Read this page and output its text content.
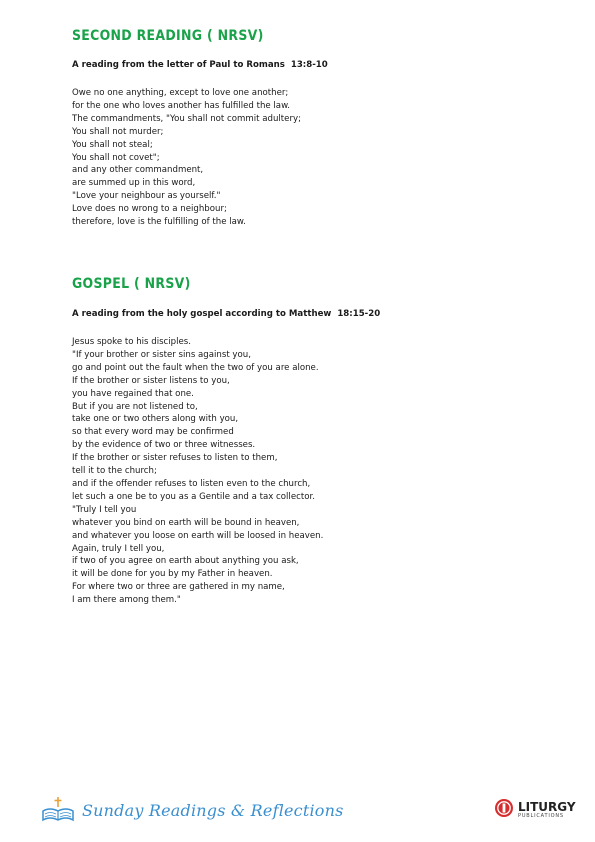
SECOND READING ( NRSV)

A reading from the letter of Paul to Romans  13:8-10

Owe no one anything, except to love one another;
for the one who loves another has fulfilled the law.
The commandments, "You shall not commit adultery;
You shall not murder;
You shall not steal;
You shall not covet";
and any other commandment,
are summed up in this word,
"Love your neighbour as yourself."
Love does no wrong to a neighbour;
therefore, love is the fulfilling of the law.
GOSPEL ( NRSV)

A reading from the holy gospel according to Matthew  18:15-20

Jesus spoke to his disciples.
"If your brother or sister sins against you,
go and point out the fault when the two of you are alone.
If the brother or sister listens to you,
you have regained that one.
But if you are not listened to,
take one or two others along with you,
so that every word may be confirmed
by the evidence of two or three witnesses.
If the brother or sister refuses to listen to them,
tell it to the church;
and if the offender refuses to listen even to the church,
let such a one be to you as a Gentile and a tax collector.
"Truly I tell you
whatever you bind on earth will be bound in heaven,
and whatever you loose on earth will be loosed in heaven.
Again, truly I tell you,
if two of you agree on earth about anything you ask,
it will be done for you by my Father in heaven.
For where two or three are gathered in my name,
I am there among them."
Sunday Readings & Reflections	LITURGY

PUBLICATIONS
